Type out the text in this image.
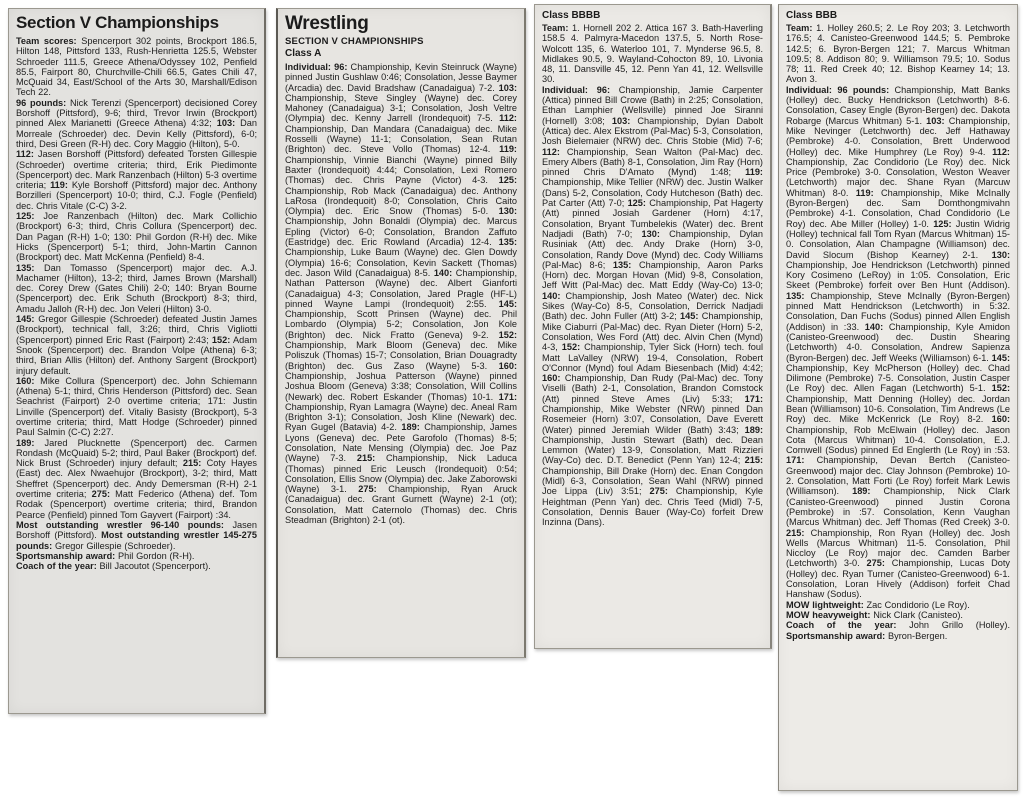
Section V Championships

Team scores: Spencerport 302 points, Brockport 186.5, Hilton 148, Pittsford 133, Rush-Henrietta 125.5, Webster Schroeder 111.5, Greece Athena/Odyssey 102, Penfield 85.5, Fairport 80, Churchville-Chili 66.5, Gates Chili 47, McQuaid 34, East/School of the Arts 30, Marshall/Edison Tech 22.

96 pounds: Nick Terenzi (Spencerport) decisioned Corey Borshoff (Pittsford), 9-6; third, Trevor Irwin (Brockport) pinned Alex Marianetti (Greece Athena) 4:32; 103: Dan Morreale (Schroeder) dec. Devin Kelly (Pittsford), 6-0; third, Desi Green (R-H) dec. Cory Maggio (Hilton), 5-0.

112: Jasen Borshoff (Pittsford) defeated Torsten Gillespie (Schroeder) overtime criteria; third, Erik Piedimonte (Spencerport) dec. Mark Ranzenbach (Hilton) 5-3 overtime criteria; 119: Kyle Borshoff (Pittsford) major dec. Anthony Borzilleri (Spencerport) 10-0; third, C.J. Fogle (Penfield) dec. Chris Vitale (C-C) 3-2.

125: Joe Ranzenbach (Hilton) dec. Mark Collichio (Brockport) 6-3; third, Chris Collura (Spencerport) dec. Dan Pagan (R-H) 1-0; 130: Phil Gordon (R-H) dec. Mike Hicks (Spencerport) 5-1; third, John-Martin Cannon (Brockport) dec. Matt McKenna (Penfield) 8-4.

135: Dan Tomasso (Spencerport) major dec. A.J. Machamer (Hilton), 13-2; third, James Brown (Marshall) dec. Corey Drew (Gates Chili) 2-0; 140: Bryan Bourne (Spencerport) dec. Erik Schuth (Brockport) 8-3; third, Amadu Jalloh (R-H) dec. Jon Veleri (Hilton) 3-0.

145: Gregor Gillespie (Schroeder) defeated Justin James (Brockport), technical fall, 3:26; third, Chris Vigliotti (Spencerport) pinned Eric Rast (Fairport) 2:43; 152: Adam Snook (Spencerport) dec. Brandon Volpe (Athena) 6-3; third, Brian Allis (Hilton) def. Anthony Sargent (Brockport) injury default.

160: Mike Collura (Spencerport) dec. John Schiemann (Athena) 5-1; third, Chris Henderson (Pittsford) dec. Sean Seachrist (Fairport) 2-0 overtime criteria; 171: Justin Linville (Spencerport) def. Vitaliy Basisty (Brockport), 5-3 overtime criteria; third, Matt Hodge (Schroeder) pinned Paul Salmin (C-C) 2:27.

189: Jared Plucknette (Spencerport) dec. Carmen Rondash (McQuaid) 5-2; third, Paul Baker (Brockport) def. Nick Brust (Schroeder) injury default; 215: Coty Hayes (East) dec. Alex Nwaehujor (Brockport), 3-2; third, Matt Sheffret (Spencerport) dec. Andy Demersman (R-H) 2-1 overtime criteria; 275: Matt Federico (Athena) def. Tom Rodak (Spencerport) overtime criteria; third, Brandon Pearce (Penfield) pinned Tom Gayvert (Fairport) :34.

Most outstanding wrestler 96-140 pounds: Jasen Borshoff (Pittsford). Most outstanding wrestler 145-275 pounds: Gregor Gillespie (Schroeder).

Sportsmanship award: Phil Gordon (R-H).

Coach of the year: Bill Jacoutot (Spencerport).

Wrestling
SECTION V CHAMPIONSHIPS
Class A

Individual: 96: Championship, Kevin Steinruck (Wayne) pinned Justin Gushlaw 0:46; Consolation, Jesse Baymer (Arcadia) dec. David Bradshaw (Canadaigua) 7-2. 103: Championship, Steve Singley (Wayne) dec. Corey Mahoney (Canadaigua) 3-1; Consolation, Josh Veltre (Olympia) dec. Kenny Jarrell (Irondequoit) 7-5. 112: Championship, Dan Mandara (Canadaigua) dec. Mike Rosselli (Wayne) 11-1; Consolation, Sean Rutan (Brighton) dec. Steve Vollo (Thomas) 12-4. 119: Championship, Vinnie Bianchi (Wayne) pinned Billy Baxter (Irondequoit) 4:44; Consolation, Lexi Romero (Thomas) dec. Chris Payne (Victor) 4-3. 125: Championship, Rob Mack (Canadaigua) dec. Anthony LaRosa (Irondequoit) 8-0; Consolation, Chris Caito (Olympia) dec. Eric Snow (Thomas) 5-0. 130: Championship, John Bonaldi (Olympia) dec. Marcus Epling (Victor) 6-0; Consolation, Brandon Zaffuto (Eastridge) dec. Eric Rowland (Arcadia) 12-4. 135: Championship, Luke Baum (Wayne) dec. Glen Dowdy (Olympia) 16-6; Consolation, Kevin Sackett (Thomas) dec. Jason Wild (Canadaigua) 8-5. 140: Championship, Nathan Patterson (Wayne) dec. Albert Gianforti (Canadaigua) 4-3; Consolation, Jared Pragle (HF-L) pinned Wayne Lampi (Irondequoit) 2:55. 145: Championship, Scott Prinsen (Wayne) dec. Phil Lombardo (Olympia) 5-2; Consolation, Jon Kole (Brighton) dec. Nick Fratto (Geneva) 9-2. 152: Championship, Mark Bloom (Geneva) dec. Mike Poliszuk (Thomas) 15-7; Consolation, Brian Douagradty (Brighton) dec. Gus Zaso (Wayne) 5-3. 160: Championship, Joshua Patterson (Wayne) pinned Joshua Bloom (Geneva) 3:38; Consolation, Will Collins (Newark) dec. Robert Eskander (Thomas) 10-1. 171: Championship, Ryan Lamagra (Wayne) dec. Aneal Ram (Brighton 3-1); Consolation, Josh Kline (Newark) dec. Ryan Gugel (Batavia) 4-2. 189: Championship, James Lyons (Geneva) dec. Pete Garofolo (Thomas) 8-5; Consolation, Nate Mensing (Olympia) dec. Joe Paz (Wayne) 7-3. 215: Championship, Nick Laduca (Thomas) pinned Eric Leusch (Irondequoit) 0:54; Consolation, Ellis Snow (Olympia) dec. Jake Zaborowski (Wayne) 3-1. 275: Championship, Ryan Aruck (Canadaigua) dec. Grant Gurnett (Wayne) 2-1 (ot); Consolation, Matt Caternolo (Thomas) dec. Chris Steadman (Brighton) 2-1 (ot).

Class BBBB

Team: 1. Hornell 202 2. Attica 167 3. Bath-Haverling 158.5 4. Palmyra-Macedon 137.5, 5. North Rose-Wolcott 135, 6. Waterloo 101, 7. Mynderse 96.5, 8. Midlakes 90.5, 9. Wayland-Cohocton 89, 10. Livonia 48, 11. Dansville 45, 12. Penn Yan 41, 12. Wellsville 30.

Individual: 96: Championship, Jamie Carpenter (Attica) pinned Bill Crowe (Bath) in 2:25; Consolation, Ethan Lamphier (Wellsville) pinned Joe Siranni (Hornell) 3:08; 103: Championship, Dylan Dabolt (Attica) dec. Alex Ekstrom (Pal-Mac) 5-3, Consolation, Josh Bielemaier (NRW) dec. Chris Stobie (Mid) 7-6; 112: Championship, Sean Walton (Pal-Mac) dec. Emery Albers (Bath) 8-1, Consolation, Jim Ray (Horn) pinned Chris D'Amato (Mynd) 1:48; 119: Championship, Mike Tellier (NRW) dec. Justin Walker (Dans) 5-2, Consolation, Cody Hutcheson (Bath) dec. Pat Carter (Att) 7-0; 125: Championship, Pat Hagerty (Att) pinned Josiah Gardener (Horn) 4:17, Consolation, Bryant Tumbelekis (Water) dec. Brent Nadjadi (Bath) 7-0; 130: Championship, Dylan Rusiniak (Att) dec. Andy Drake (Horn) 3-0, Consolation, Randy Dove (Mynd) dec. Cody Williams (Pal-Mac) 8-6; 135: Championship, Aaron Parks (Horn) dec. Morgan Hovan (Mid) 9-8, Consolation, Jeff Witt (Pal-Mac) dec. Matt Eddy (Way-Co) 13-0; 140: Championship, Josh Mateo (Water) dec. Nick Sikes (Way-Co) 8-5, Consolation, Derrick Nadjadi (Bath) dec. John Fuller (Att) 3-2; 145: Championship, Mike Ciaburri (Pal-Mac) dec. Ryan Dieter (Horn) 5-2, Consolation, Wes Ford (Att) dec. Alvin Chen (Mynd) 4-3, 152: Championship, Tyler Sick (Horn) tech. foul Matt LaValley (NRW) 19-4, Consolation, Robert O'Connor (Mynd) foul Adam Biesenbach (Mid) 4:42; 160: Championship, Dan Rudy (Pal-Mac) dec. Tony Viselli (Bath) 2-1, Consolation, Brandon Comstock (Att) pinned Steve Ames (Liv) 5:33; 171: Championship, Mike Webster (NRW) pinned Dan Rosemeier (Horn) 3:07, Consolation, Dave Everett (Water) pinned Jeremiah Wilder (Bath) 3:43; 189: Championship, Justin Stewart (Bath) dec. Dean Lemmon (Water) 13-9, Consolation, Matt Rizzieri (Way-Co) dec. D.T. Benedict (Penn Yan) 12-4; 215: Championship, Bill Drake (Horn) dec. Enan Congdon (Midl) 6-3, Consolation, Sean Wahl (NRW) pinned Joe Lippa (Liv) 3:51; 275: Championship, Kyle Heightman (Penn Yan) dec. Chris Teed (Midl) 7-5, Consolation, Dennis Bauer (Way-Co) forfeit Drew Inzinna (Dans).

Class BBB

Team: 1. Holley 260.5; 2. Le Roy 203; 3. Letchworth 176.5; 4. Canisteo-Greenwood 144.5; 5. Pembroke 142.5; 6. Byron-Bergen 121; 7. Marcus Whitman 109.5; 8. Addison 80; 9. Williamson 79.5; 10. Sodus 78; 11. Red Creek 40; 12. Bishop Kearney 14; 13. Avon 3.

Individual: 96 pounds: Championship, Matt Banks (Holley) dec. Bucky Hendrickson (Letchworth) 8-6. Consolation, Casey Engle (Byron-Bergen) dec. Dakota Robarge (Marcus Whitman) 5-1. 103: Championship, Mike Nevinger (Letchworth) dec. Jeff Hathaway (Pembroke) 4-0. Consolation, Brett Underwood (Holley) dec. Mike Humphrey (Le Roy) 9-4. 112: Championship, Zac Condidorio (Le Roy) dec. Nick Price (Pembroke) 3-0. Consolation, Weston Weaver (Letchworth) major dec. Shane Ryan (Marcuw Whitman) 8-0. 119: Championship, Mike McInally (Byron-Bergen) dec. Sam Domthongmivahn (Pembroke) 4-1. Consolation, Chad Condidorio (Le Roy) dec. Abe Miller (Holley) 1-0. 125: Justin Widrig (Holley) technical fall Tom Ryan (Marcus Whitman) 15-0. Consolation, Alan Champagne (Williamson) dec. David Slocum (Bishop Kearney) 2-1. 130: Championship, Joe Hendrickson (Letchworth) pinned Kory Cosimeno (LeRoy) in 1:05. Consolation, Eric Skeet (Pembroke) forfeit over Ben Hunt (Addison). 135: Championship, Steve McInally (Byron-Bergen) pinned Matt Hendrickson (Letchworth) in 5:32. Consolation, Dan Fuchs (Sodus) pinned Allen English (Addison) in :33. 140: Championship, Kyle Amidon (Canisteo-Greenwood) dec. Dustin Shearing (Letchworth) 4-0. Consolation, Andrew Sapienza (Byron-Bergen) dec. Jeff Weeks (Williamson) 6-1. 145: Championship, Key McPherson (Holley) dec. Chad Dilimone (Pembroke) 7-5. Consolation, Justin Casper (Le Roy) dec. Allen Fagan (Letchworth) 5-1. 152: Championship, Matt Denning (Holley) dec. Jordan Bean (Williamson) 10-6. Consolation, Tim Andrews (Le Roy) dec. Mike McKenrick (Le Roy) 8-2. 160: Championship, Rob McElwain (Holley) dec. Jason Cota (Marcus Whitman) 10-4. Consolation, E.J. Cornwell (Sodus) pinned Ed Englerth (Le Roy) in :53. 171: Championship, Devan Bertch (Canisteo-Greenwood) major dec. Clay Johnson (Pembroke) 10-2. Consolation, Matt Forti (Le Roy) forfeit Mark Lewis (Williamson). 189: Championship, Nick Clark (Canisteo-Greenwood) pinned Justin Corona (Pembroke) in :57. Consolation, Kenn Vaughan (Marcus Whitman) dec. Jeff Thomas (Red Creek) 3-0. 215: Championship, Ron Ryan (Holley) dec. Josh Wells (Marcus Whitman) 11-5. Consolation, Phil Niccloy (Le Roy) major dec. Camden Barber (Letchworth) 3-0. 275: Championship, Lucas Doty (Holley) dec. Ryan Turner (Canisteo-Greenwood) 6-1. Consolation, Loran Hively (Addison) forfeit Chad Hanshaw (Sodus).

MOW lightweight: Zac Condidorio (Le Roy).

MOW heavyweight: Nick Clark (Canisteo).

Coach of the year: John Grillo (Holley). Sportsmanship award: Byron-Bergen.
